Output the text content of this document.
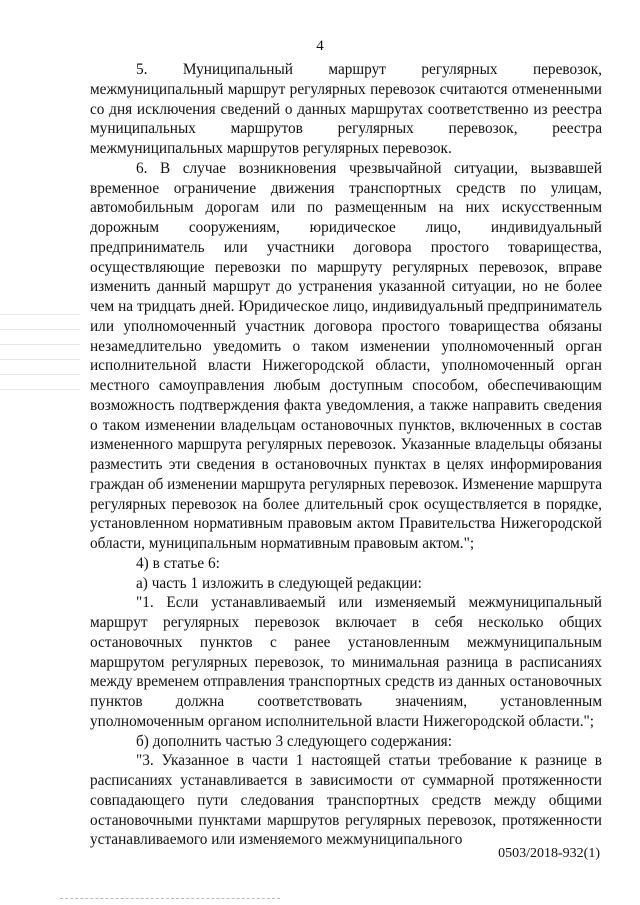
4

5. Муниципальный маршрут регулярных перевозок, межмуниципальный маршрут регулярных перевозок считаются отмененными со дня исключения сведений о данных маршрутах соответственно из реестра муниципальных маршрутов регулярных перевозок, реестра межмуниципальных маршрутов регулярных перевозок.

6. В случае возникновения чрезвычайной ситуации, вызвавшей временное ограничение движения транспортных средств по улицам, автомобильным дорогам или по размещенным на них искусственным дорожным сооружениям, юридическое лицо, индивидуальный предприниматель или участники договора простого товарищества, осуществляющие перевозки по маршруту регулярных перевозок, вправе изменить данный маршрут до устранения указанной ситуации, но не более чем на тридцать дней. Юридическое лицо, индивидуальный предприниматель или уполномоченный участник договора простого товарищества обязаны незамедлительно уведомить о таком изменении уполномоченный орган исполнительной власти Нижегородской области, уполномоченный орган местного самоуправления любым доступным способом, обеспечивающим возможность подтверждения факта уведомления, а также направить сведения о таком изменении владельцам остановочных пунктов, включенных в состав измененного маршрута регулярных перевозок. Указанные владельцы обязаны разместить эти сведения в остановочных пунктах в целях информирования граждан об изменении маршрута регулярных перевозок. Изменение маршрута регулярных перевозок на более длительный срок осуществляется в порядке, установленном нормативным правовым актом Правительства Нижегородской области, муниципальным нормативным правовым актом.";

4) в статье 6:

а) часть 1 изложить в следующей редакции:

"1. Если устанавливаемый или изменяемый межмуниципальный маршрут регулярных перевозок включает в себя несколько общих остановочных пунктов с ранее установленным межмуниципальным маршрутом регулярных перевозок, то минимальная разница в расписаниях между временем отправления транспортных средств из данных остановочных пунктов должна соответствовать значениям, установленным уполномоченным органом исполнительной власти Нижегородской области.";

б) дополнить частью 3 следующего содержания:

"3. Указанное в части 1 настоящей статьи требование к разнице в расписаниях устанавливается в зависимости от суммарной протяженности совпадающего пути следования транспортных средств между общими остановочными пунктами маршрутов регулярных перевозок, протяженности устанавливаемого или изменяемого межмуниципального

0503/2018-932(1)
